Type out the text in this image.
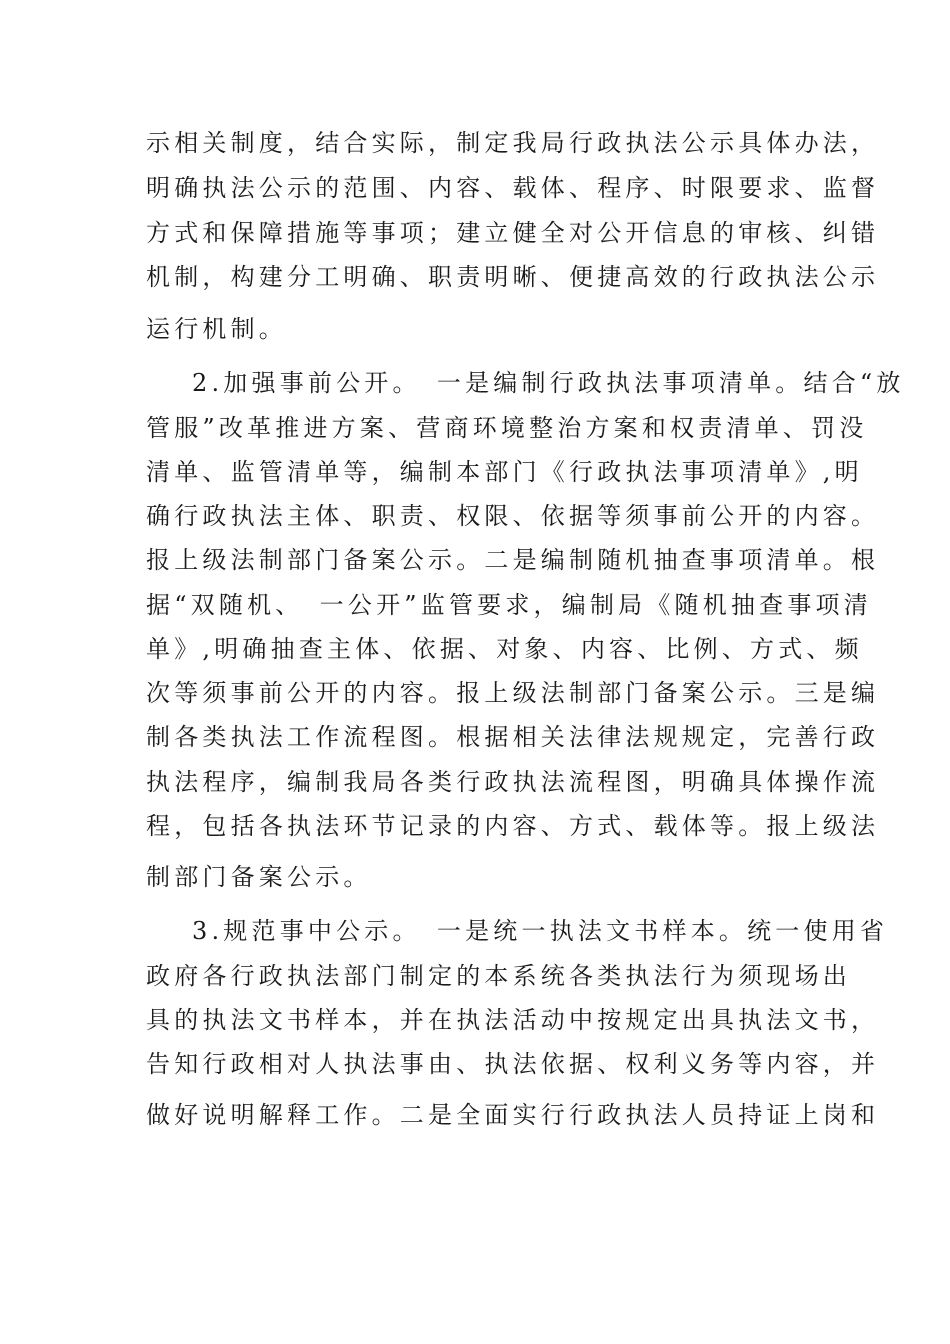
示相关制度，结合实际，制定我局行政执法公示具体办法，
明确执法公示的范围、内容、载体、程序、时限要求、监督
方式和保障措施等事项；建立健全对公开信息的审核、纠错
机制，构建分工明确、职责明晰、便捷高效的行政执法公示
运行机制。
2.加强事前公开。　一是编制行政执法事项清单。结合“放
管服”改革推进方案、营商环境整治方案和权责清单、罚没
清单、监管清单等，编制本部门《行政执法事项清单》,明
确行政执法主体、职责、权限、依据等须事前公开的内容。
报上级法制部门备案公示。二是编制随机抽查事项清单。根
据“双随机、　一公开”监管要求，编制局《随机抽查事项清
单》,明确抽查主体、依据、对象、内容、比例、方式、频
次等须事前公开的内容。报上级法制部门备案公示。三是编
制各类执法工作流程图。根据相关法律法规规定，完善行政
执法程序，编制我局各类行政执法流程图，明确具体操作流
程，包括各执法环节记录的内容、方式、载体等。报上级法
制部门备案公示。
3.规范事中公示。　一是统一执法文书样本。统一使用省
政府各行政执法部门制定的本系统各类执法行为须现场出
具的执法文书样本，并在执法活动中按规定出具执法文书，
告知行政相对人执法事由、执法依据、权利义务等内容，并
做好说明解释工作。二是全面实行行政执法人员持证上岗和
